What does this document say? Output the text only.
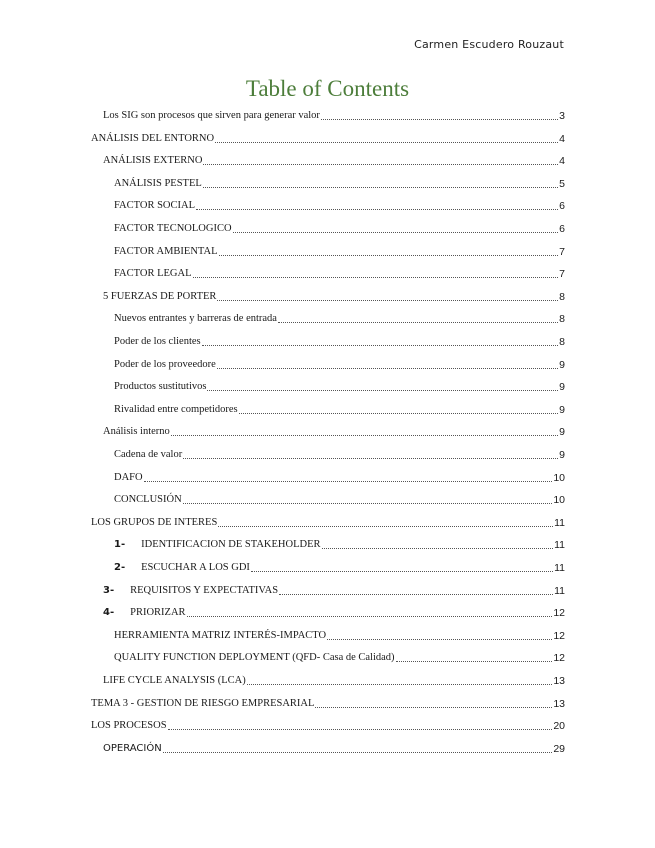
Carmen Escudero Rouzaut
Table of Contents
Los SIG son procesos que sirven para generar valor	3
ANÁLISIS DEL ENTORNO	4
ANÁLISIS EXTERNO	4
ANÁLISIS PESTEL	5
FACTOR SOCIAL	6
FACTOR TECNOLOGICO	6
FACTOR AMBIENTAL	7
FACTOR LEGAL	7
5 FUERZAS DE PORTER	8
Nuevos entrantes y barreras de entrada	8
Poder de los clientes	8
Poder de los proveedore	9
Productos sustitutivos	9
Rivalidad entre competidores	9
Análisis interno	9
Cadena de valor	9
DAFO	10
CONCLUSIÓN	10
LOS GRUPOS DE INTERES	11
1- IDENTIFICACION DE STAKEHOLDER	11
2- ESCUCHAR A LOS GDI	11
3- REQUISITOS Y EXPECTATIVAS	11
4- PRIORIZAR	12
HERRAMIENTA MATRIZ INTERÉS-IMPACTO	12
QUALITY FUNCTION DEPLOYMENT (QFD- Casa de Calidad)	12
LIFE CYCLE ANALYSIS (LCA)	13
TEMA 3 - GESTION DE RIESGO EMPRESARIAL	13
LOS PROCESOS	20
OPERACIÓN	29
